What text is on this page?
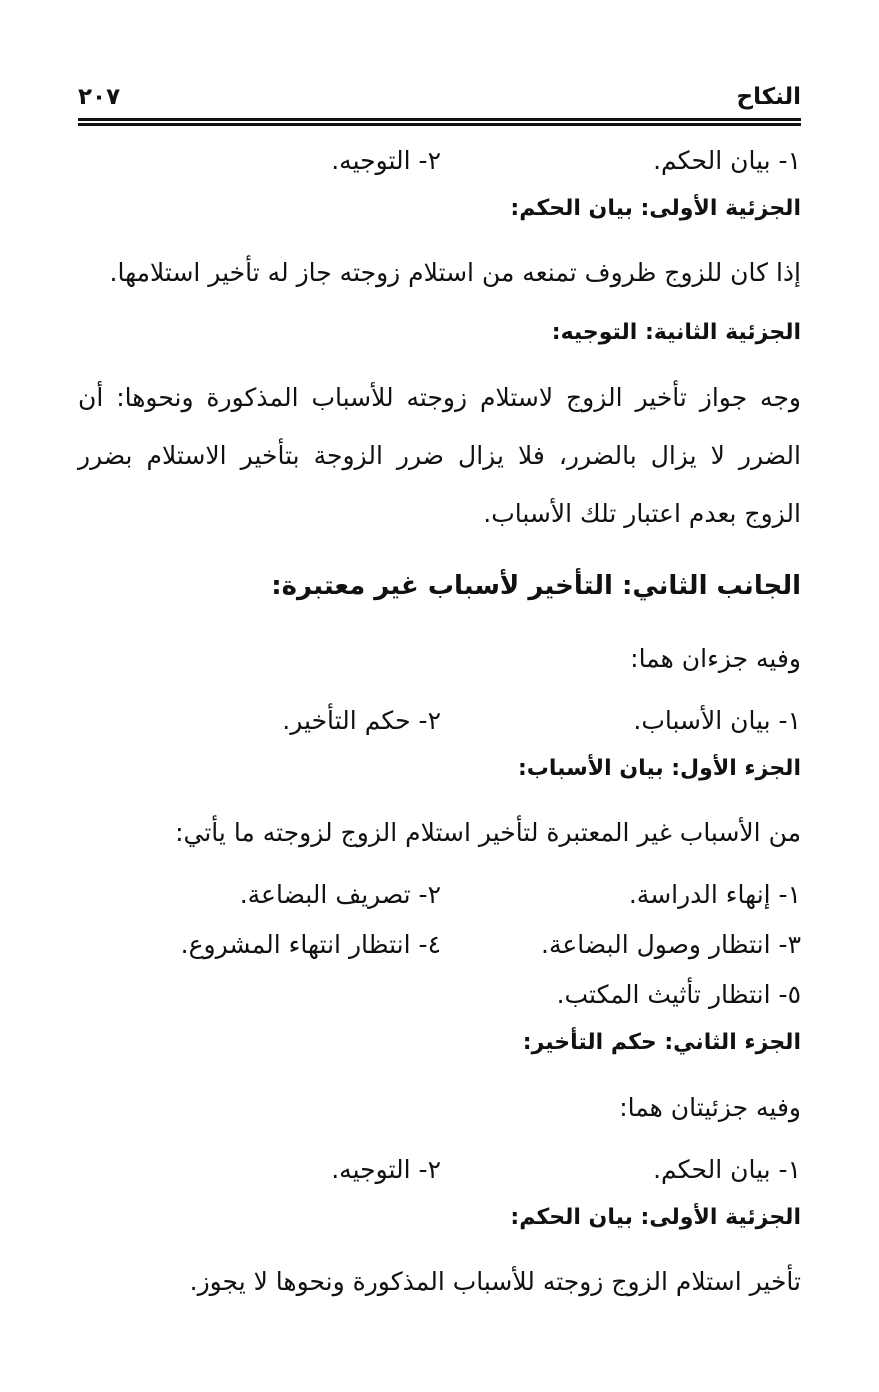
النكاح
٢٠٧
١- بيان الحكم.
٢- التوجيه.
الجزئية الأولى: بيان الحكم:
إذا كان للزوج ظروف تمنعه من استلام زوجته جاز له تأخير استلامها.
الجزئية الثانية: التوجيه:
وجه جواز تأخير الزوج لاستلام زوجته للأسباب المذكورة ونحوها: أن الضرر لا يزال بالضرر، فلا يزال ضرر الزوجة بتأخير الاستلام بضرر الزوج بعدم اعتبار تلك الأسباب.
الجانب الثاني: التأخير لأسباب غير معتبرة:
وفيه جزءان هما:
١- بيان الأسباب.
٢- حكم التأخير.
الجزء الأول: بيان الأسباب:
من الأسباب غير المعتبرة لتأخير استلام الزوج لزوجته ما يأتي:
١- إنهاء الدراسة.
٢- تصريف البضاعة.
٣- انتظار وصول البضاعة.
٤- انتظار انتهاء المشروع.
٥- انتظار تأثيث المكتب.
الجزء الثاني: حكم التأخير:
وفيه جزئيتان هما:
١- بيان الحكم.
٢- التوجيه.
الجزئية الأولى: بيان الحكم:
تأخير استلام الزوج زوجته للأسباب المذكورة ونحوها لا يجوز.
